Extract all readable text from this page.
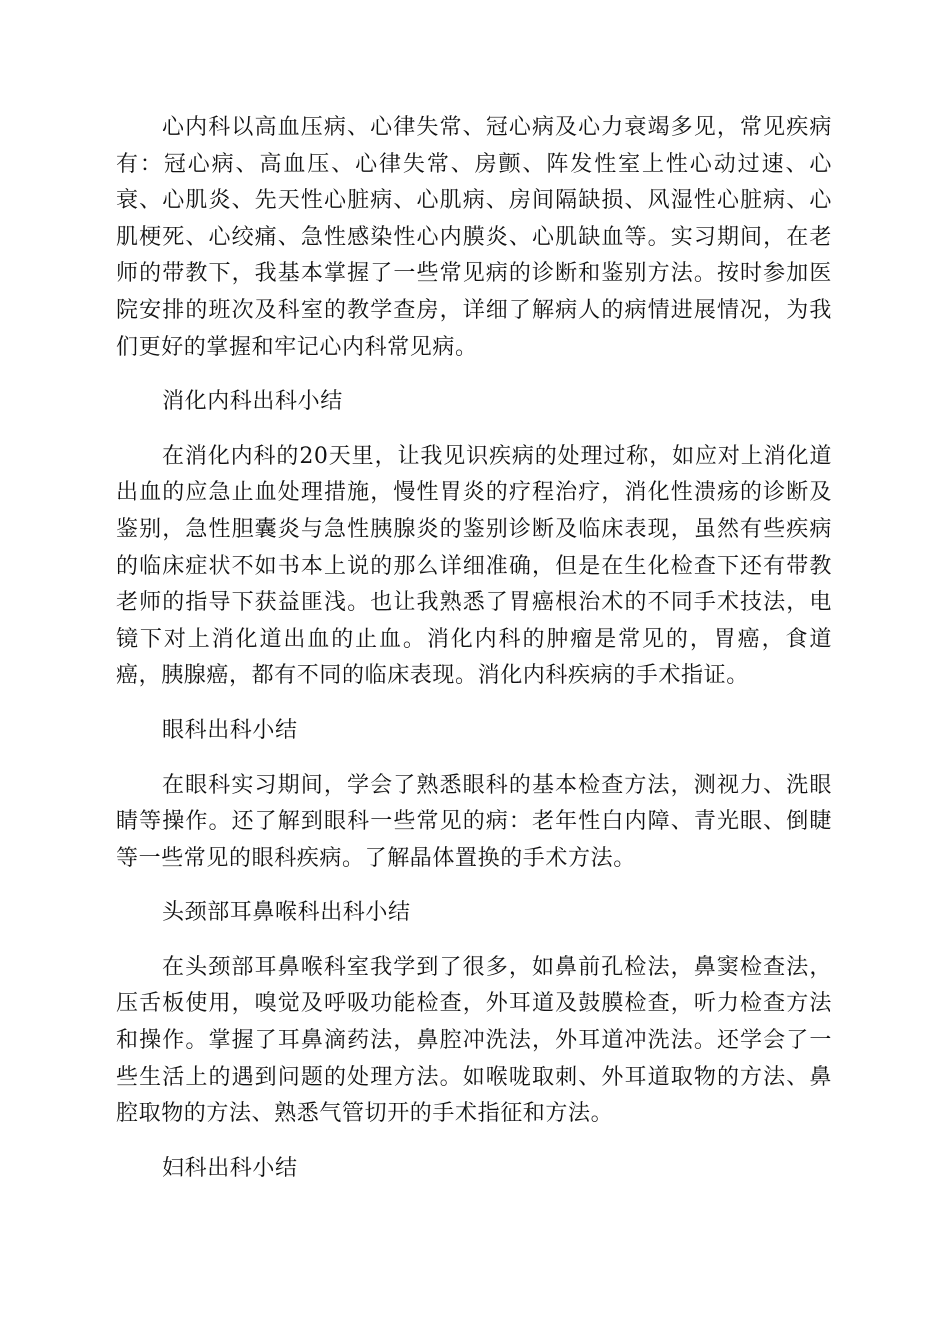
心内科以高血压病、心律失常、冠心病及心力衰竭多见，常见疾病有：冠心病、高血压、心律失常、房颤、阵发性室上性心动过速、心衰、心肌炎、先天性心脏病、心肌病、房间隔缺损、风湿性心脏病、心肌梗死、心绞痛、急性感染性心内膜炎、心肌缺血等。实习期间，在老师的带教下，我基本掌握了一些常见病的诊断和鉴别方法。按时参加医院安排的班次及科室的教学查房，详细了解病人的病情进展情况，为我们更好的掌握和牢记心内科常见病。

消化内科出科小结

在消化内科的20天里，让我见识疾病的处理过称，如应对上消化道出血的应急止血处理措施，慢性胃炎的疗程治疗，消化性溃疡的诊断及鉴别，急性胆囊炎与急性胰腺炎的鉴别诊断及临床表现，虽然有些疾病的临床症状不如书本上说的那么详细准确，但是在生化检查下还有带教老师的指导下获益匪浅。也让我熟悉了胃癌根治术的不同手术技法，电镜下对上消化道出血的止血。消化内科的肿瘤是常见的，胃癌，食道癌，胰腺癌，都有不同的临床表现。消化内科疾病的手术指证。

眼科出科小结

在眼科实习期间，学会了熟悉眼科的基本检查方法，测视力、洗眼睛等操作。还了解到眼科一些常见的病：老年性白内障、青光眼、倒睫等一些常见的眼科疾病。了解晶体置换的手术方法。

头颈部耳鼻喉科出科小结

在头颈部耳鼻喉科室我学到了很多，如鼻前孔检法，鼻窦检查法，压舌板使用，嗅觉及呼吸功能检查，外耳道及鼓膜检查，听力检查方法和操作。掌握了耳鼻滴药法，鼻腔冲洗法，外耳道冲洗法。还学会了一些生活上的遇到问题的处理方法。如喉咙取刺、外耳道取物的方法、鼻腔取物的方法、熟悉气管切开的手术指征和方法。

妇科出科小结
